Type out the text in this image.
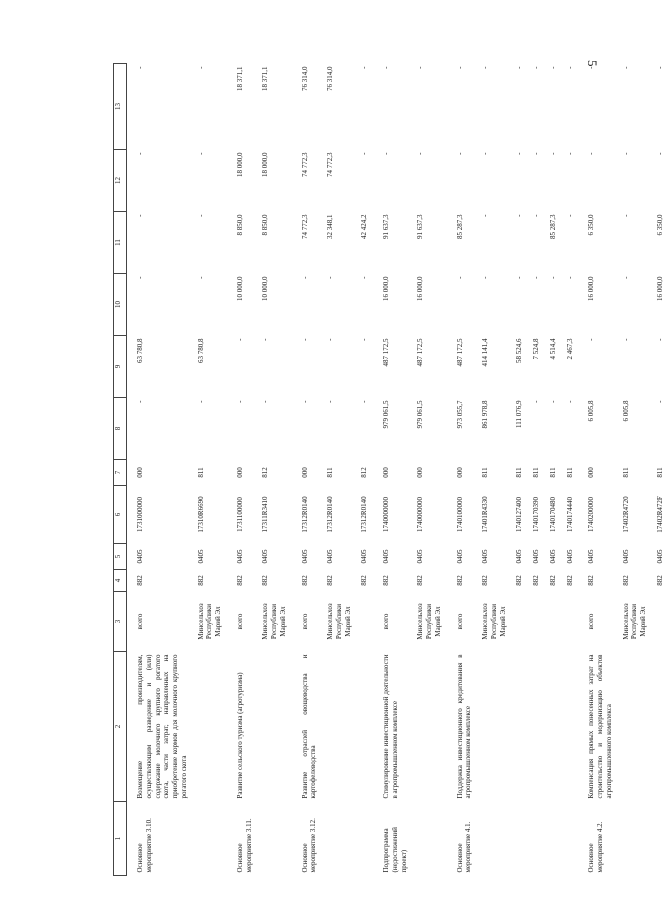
5
1	2	3	4	5	6	7	8	9	10	11	12	13
Основное мероприятие 3.10.	Возмещение производителям, осуществляющим разведение и (или) содержание молочного крупного рогатого скота, части затрат, направленных на приобретение кормов для молочного крупного рогатого скота	всего	882	0405	1731000000	000	-	63 780,8	-	-	-	-
		Минсельхоз Республики Марий Эл	882	0405	17310R6690	811	-	63 780,8	-	-	-	-
Основное мероприятие 3.11.	Развитие сельского туризма (агротуризма)	всего	882	0405	1731100000	000	-	-	10 000,0	8 850,0	18 000,0	18 371,1
		Минсельхоз Республики Марий Эл	882	0405	17311R3410	812	-	-	10 000,0	8 850,0	18 000,0	18 371,1
Основное мероприятие 3.12.	Развитие отраслей овощеводства и картофелеводства	всего	882	0405	17312R0140	000	-	-	-	74 772,3	74 772,3	76 314,0
		Минсельхоз Республики Марий Эл	882	0405	17312R0140	811	-	-	-	32 348,1	74 772,3	76 314,0
			882	0405	17312R0140	812	-	-	-	42 424,2	-	-
Подпрограмма (недостижений проект)	Стимулирование инвестиционной деятельности в агропромышленном комплексе	всего	882	0405	1740000000	000	979 061,5	487 172,5	16 000,0	91 637,3	-	-
		Минсельхоз Республики Марий Эл	882	0405	1740000000	000	979 061,5	487 172,5	16 000,0	91 637,3	-	-
Основное мероприятие 4.1.	Поддержка инвестиционного кредитования в агропромышленном комплексе	всего	882	0405	1740100000	000	973 055,7	487 172,5	-	85 287,3	-	-
		Минсельхоз Республики Марий Эл	882	0405	17401R4330	811	861 978,8	414 141,4	-	-	-	-
			882	0405	1740127400	811	111 076,9	58 524,6	-	-	-	-
			882	0405	1740170390	811	-	7 524,8	-	-	-	-
			882	0405	1740170480	811	-	4 514,4	-	85 287,3	-	-
			882	0405	1740174440	811	-	2 467,3	-	-	-	-
Основное мероприятие 4.2.	Компенсация прямых понесенных затрат на строительство и модернизацию объектов агропромышленного комплекса	всего	882	0405	1740200000	000	6 005,8	-	16 000,0	6 350,0	-	-
		Минсельхоз Республики Марий Эл	882	0405	17402R4720	811	6 005,8	-	-	-	-	-
			882	0405	17402R472F	811	-	-	16 000,0	6 350,0	-	-
